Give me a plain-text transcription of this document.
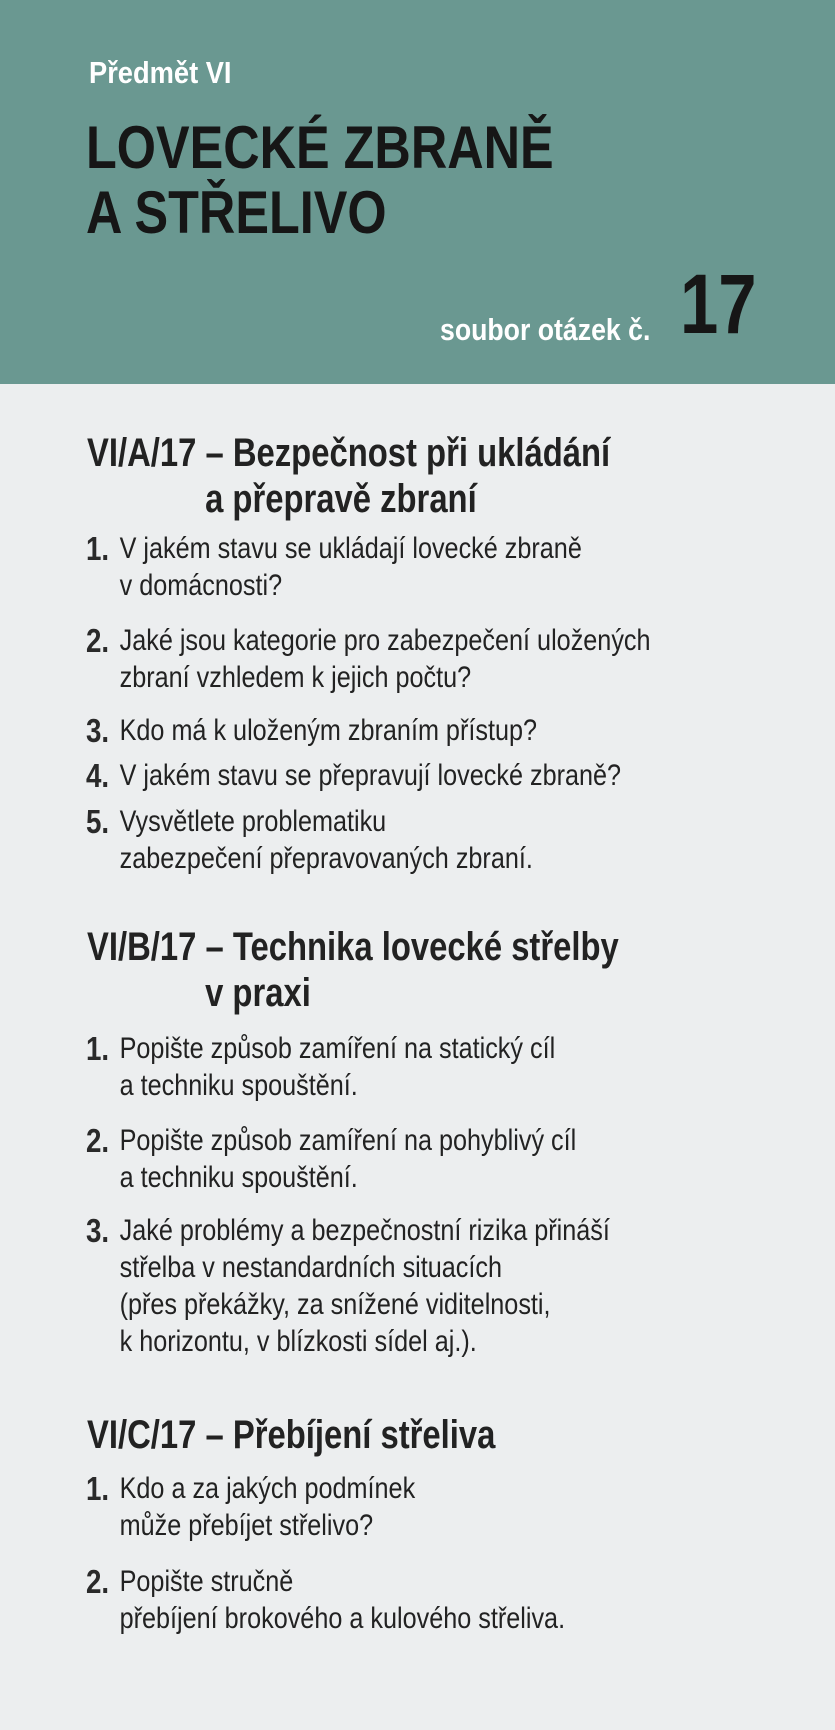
Předmět VI
LOVECKÉ ZBRANĚ
A STŘELIVO
soubor otázek č. 17
VI/A/17 – Bezpečnost při ukládání
a přepravě zbraní
1. V jakém stavu se ukládají lovecké zbraně
v domácnosti?
2. Jaké jsou kategorie pro zabezpečení uložených
zbraní vzhledem k jejich počtu?
3. Kdo má k uloženým zbraním přístup?
4. V jakém stavu se přepravují lovecké zbraně?
5. Vysvětlete problematiku
zabezpečení přepravovaných zbraní.
VI/B/17 – Technika lovecké střelby
v praxi
1. Popište způsob zamíření na statický cíl
a techniku spouštění.
2. Popište způsob zamíření na pohyblivý cíl
a techniku spouštění.
3. Jaké problémy a bezpečnostní rizika přináší
střelba v nestandardních situacích
(přes překážky, za snížené viditelnosti,
k horizontu, v blízkosti sídel aj.).
VI/C/17 – Přebíjení střeliva
1. Kdo a za jakých podmínek
může přebíjet střelivo?
2. Popište stručně
přebíjení brokového a kulového střeliva.
